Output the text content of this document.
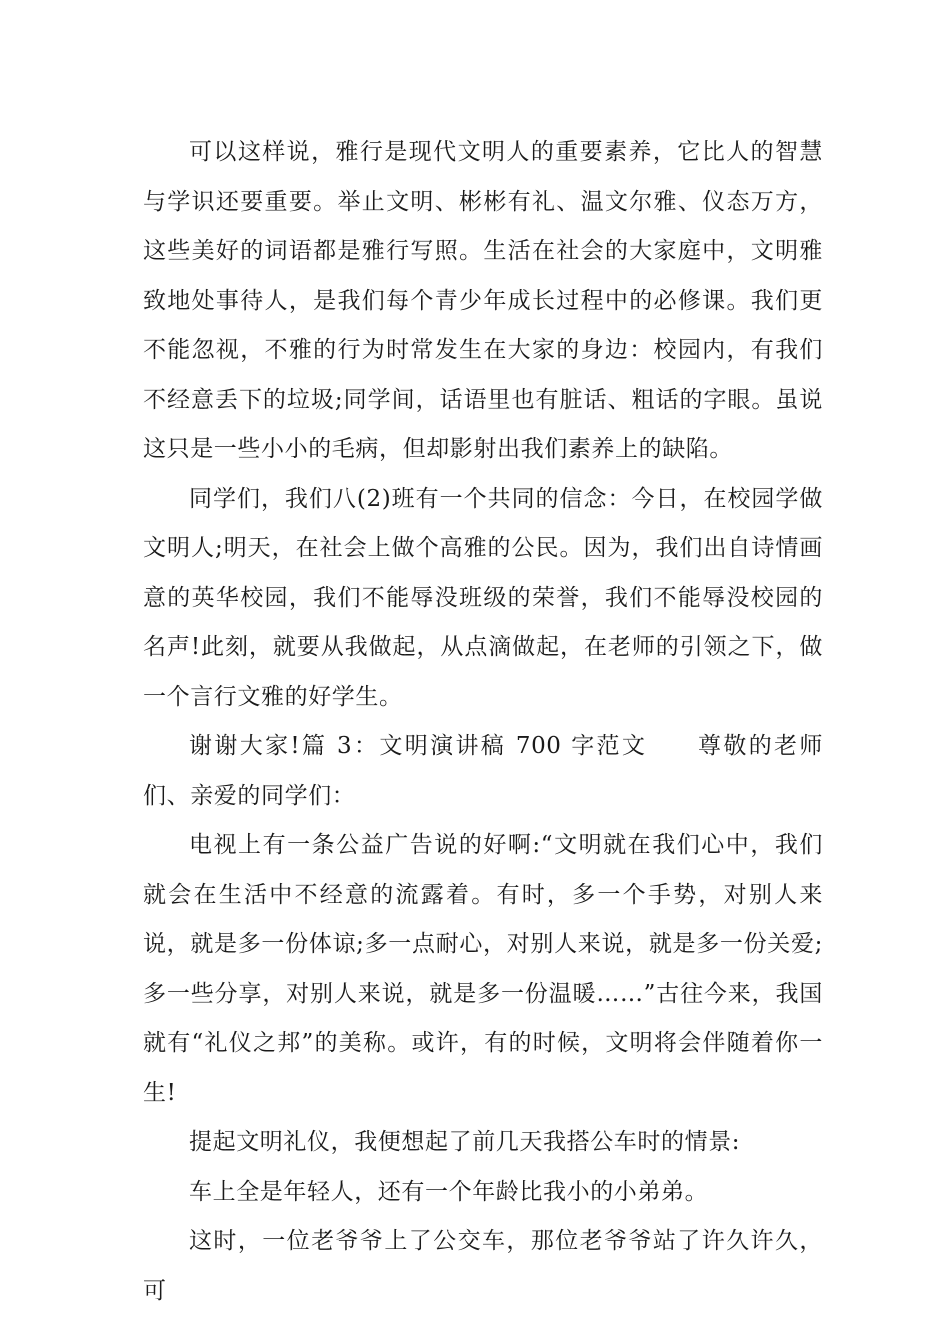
可以这样说，雅行是现代文明人的重要素养，它比人的智慧与学识还要重要。举止文明、彬彬有礼、温文尔雅、仪态万方，这些美好的词语都是雅行写照。生活在社会的大家庭中，文明雅致地处事待人，是我们每个青少年成长过程中的必修课。我们更不能忽视，不雅的行为时常发生在大家的身边：校园内，有我们不经意丢下的垃圾;同学间，话语里也有脏话、粗话的字眼。虽说这只是一些小小的毛病，但却影射出我们素养上的缺陷。

同学们，我们八(2)班有一个共同的信念：今日，在校园学做文明人;明天，在社会上做个高雅的公民。因为，我们出自诗情画意的英华校园，我们不能辱没班级的荣誉，我们不能辱没校园的名声!此刻，就要从我做起，从点滴做起，在老师的引领之下，做一个言行文雅的好学生。

谢谢大家!篇 3：文明演讲稿 700 字范文　　尊敬的老师们、亲爱的同学们：

电视上有一条公益广告说的好啊:“文明就在我们心中，我们就会在生活中不经意的流露着。有时，多一个手势，对别人来说，就是多一份体谅;多一点耐心，对别人来说，就是多一份关爱;多一些分享，对别人来说，就是多一份温暖……”古往今来，我国就有“礼仪之邦”的美称。或许，有的时候，文明将会伴随着你一生!

提起文明礼仪，我便想起了前几天我搭公车时的情景:

车上全是年轻人，还有一个年龄比我小的小弟弟。

这时，一位老爷爷上了公交车，那位老爷爷站了许久许久，可
